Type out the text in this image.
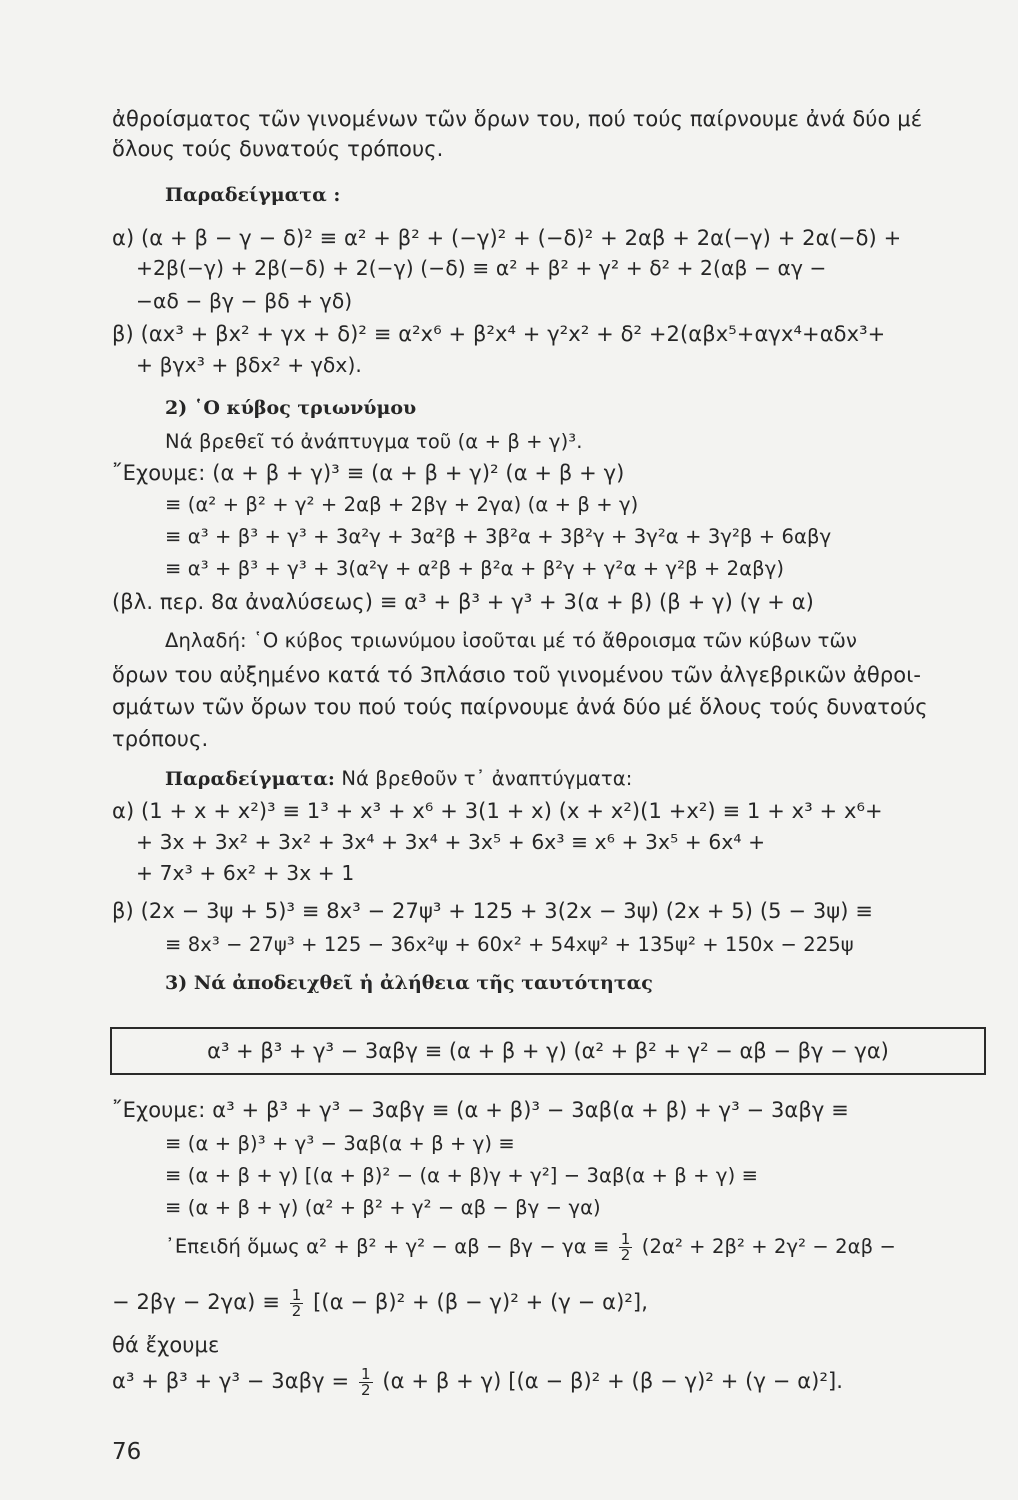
ἀθροίσματος τῶν γινομένων τῶν ὅρων του, πού τούς παίρνουμε ἀνά δύο μέ
ὅλους τούς δυνατούς τρόπους.
Παραδείγματα :
α) (α + β − γ − δ)² ≡ α² + β² + (−γ)² + (−δ)² + 2αβ + 2α(−γ) + 2α(−δ) +
+2β(−γ) + 2β(−δ) + 2(−γ) (−δ) ≡ α² + β² + γ² + δ² + 2(αβ − αγ −
−αδ − βγ − βδ + γδ)
β) (αx³ + βx² + γx + δ)² ≡ α²x⁶ + β²x⁴ + γ²x² + δ² +2(αβx⁵+αγx⁴+αδx³+
+ βγx³ + βδx² + γδx).
2) ῾Ο κύβος τριωνύμου
Νά βρεθεῖ τό ἀνάπτυγμα τοῦ (α + β + γ)³.
῎Εχουμε: (α + β + γ)³ ≡ (α + β + γ)² (α + β + γ)
≡ (α² + β² + γ² + 2αβ + 2βγ + 2γα) (α + β + γ)
≡ α³ + β³ + γ³ + 3α²γ + 3α²β + 3β²α + 3β²γ + 3γ²α + 3γ²β + 6αβγ
≡ α³ + β³ + γ³ + 3(α²γ + α²β + β²α + β²γ + γ²α + γ²β + 2αβγ)
(βλ. περ. 8α ἀναλύσεως) ≡ α³ + β³ + γ³ + 3(α + β) (β + γ) (γ + α)
Δηλαδή: ῾Ο κύβος τριωνύμου ἰσοῦται μέ τό ἄθροισμα τῶν κύβων τῶν
ὅρων του αὐξημένο κατά τό 3πλάσιο τοῦ γινομένου τῶν ἀλγεβρικῶν ἀθροι-
σμάτων τῶν ὅρων του πού τούς παίρνουμε ἀνά δύο μέ ὅλους τούς δυνατούς
τρόπους.
Παραδείγματα: Νά βρεθοῦν τ᾽ ἀναπτύγματα:
α) (1 + x + x²)³ ≡ 1³ + x³ + x⁶ + 3(1 + x) (x + x²)(1 +x²) ≡ 1 + x³ + x⁶+
+ 3x + 3x² + 3x² + 3x⁴ + 3x⁴ + 3x⁵ + 6x³ ≡ x⁶ + 3x⁵ + 6x⁴ +
+ 7x³ + 6x² + 3x + 1
β) (2x − 3ψ + 5)³ ≡ 8x³ − 27ψ³ + 125 + 3(2x − 3ψ) (2x + 5) (5 − 3ψ) ≡
≡ 8x³ − 27ψ³ + 125 − 36x²ψ + 60x² + 54xψ² + 135ψ² + 150x − 225ψ
3) Νά ἀποδειχθεῖ ἡ ἀλήθεια τῆς ταυτότητας
α³ + β³ + γ³ − 3αβγ ≡ (α + β + γ) (α² + β² + γ² − αβ − βγ − γα)
῎Εχουμε: α³ + β³ + γ³ − 3αβγ ≡ (α + β)³ − 3αβ(α + β) + γ³ − 3αβγ ≡
≡ (α + β)³ + γ³ − 3αβ(α + β + γ) ≡
≡ (α + β + γ) [(α + β)² − (α + β)γ + γ²] − 3αβ(α + β + γ) ≡
≡ (α + β + γ) (α² + β² + γ² − αβ − βγ − γα)
᾽Επειδή ὅμως $\alpha^2 + \beta^2 + \gamma^2 - \alpha\beta - \beta\gamma - \gamma\alpha \equiv \frac{1}{2} (2\alpha^2 + 2\beta^2 + 2\gamma^2 - 2\alpha\beta$ −
− $2\beta\gamma - 2\gamma\alpha) \equiv \frac{1}{2} [(\alpha - \beta)^2 + (\beta - \gamma)^2 + (\gamma - \alpha)^2]$,
θά ἔχουμε
$\alpha^3 + \beta^3 + \gamma^3 - 3\alpha\beta\gamma = \frac{1}{2} (\alpha + \beta + \gamma) [(\alpha - \beta)^2 + (\beta - \gamma)^2 + (\gamma - \alpha)^2]$.
76
